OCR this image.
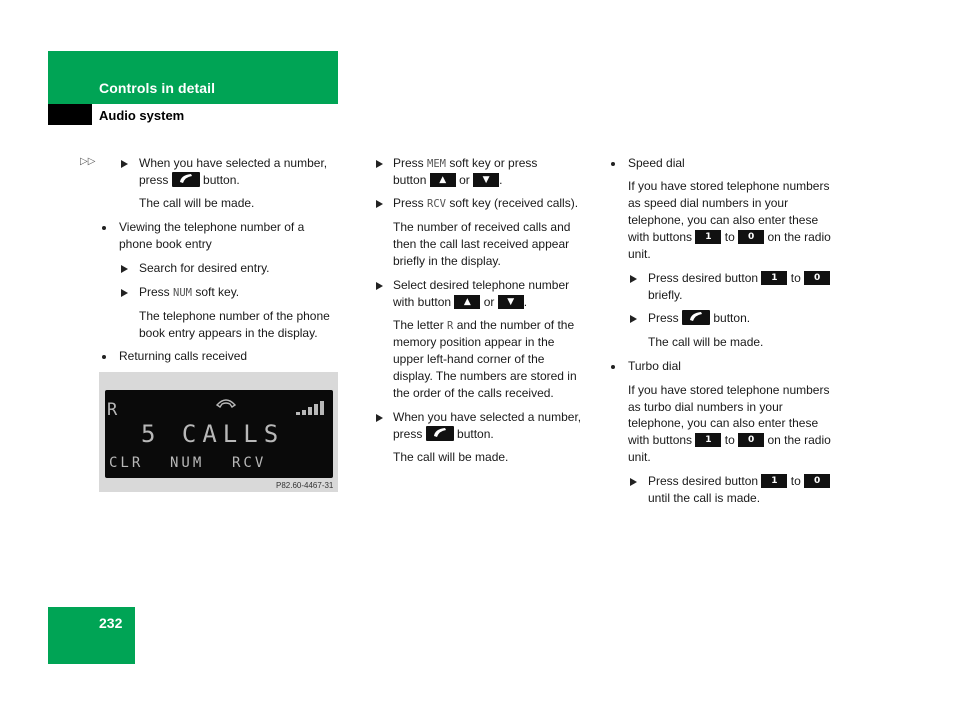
Controls in detail
Audio system
▷▷	When you have selected a number,
press	button.
The call will be made.
Viewing the telephone number of a
phone book entry
Search for desired entry.
Press NUM soft key.
The telephone number of the phone
book entry appears in the display.
Returning calls received
R
5 CALLS
CLR NUM RCV
P82.60-4467-31
Press MEM soft key or press
button ▲ or ▼ .
Press RCV soft key (received calls).
The number of received calls and
then the call last received appear
briefly in the display.
Select desired telephone number
with button ▲ or ▼ .
The letter R and the number of the
memory position appear in the
upper left-hand corner of the
display. The numbers are stored in
the order of the calls received.
When you have selected a number,
press	button.
The call will be made.
Speed dial
If you have stored telephone numbers
as speed dial numbers in your
telephone, you can also enter these
with buttons 1 to 0 on the radio
unit.
Press desired button 1 to 0
briefly.
Press	button.
The call will be made.
Turbo dial
If you have stored telephone numbers
as turbo dial numbers in your
telephone, you can also enter these
with buttons 1 to 0 on the radio
unit.
Press desired button 1 to 0
until the call is made.
232
